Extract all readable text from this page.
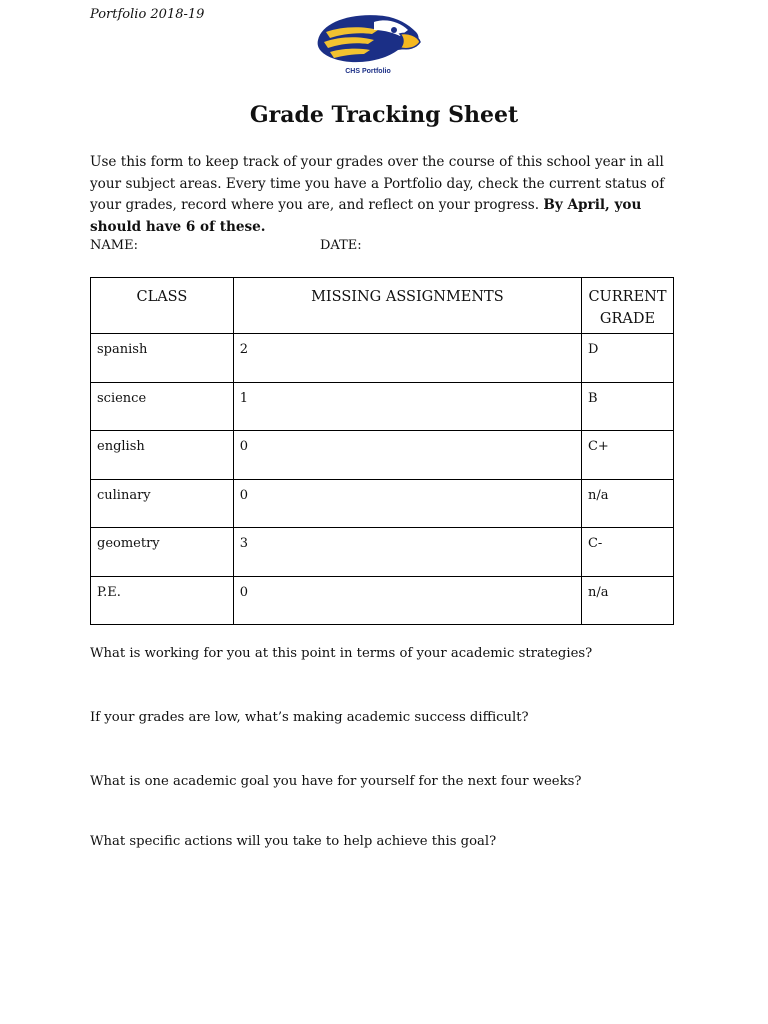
Portfolio 2018-19
CHS Portfolio
Grade Tracking Sheet
Use this form to keep track of your grades over the course of this school year in all your subject areas. Every time you have a Portfolio day, check the current status of your grades, record where you are, and reflect on your progress. By April, you should have 6 of these.
NAME:	DATE:
CLASS	MISSING ASSIGNMENTS	CURRENT
GRADE
spanish	2	D
science	1	B
english	0	C+
culinary	0	n/a
geometry	3	C-
P.E.	0	n/a
What is working for you at this point in terms of your academic strategies?
If your grades are low, what’s making academic success difficult?
What is one academic goal you have for yourself for the next four weeks?
What specific actions will you take to help achieve this goal?
